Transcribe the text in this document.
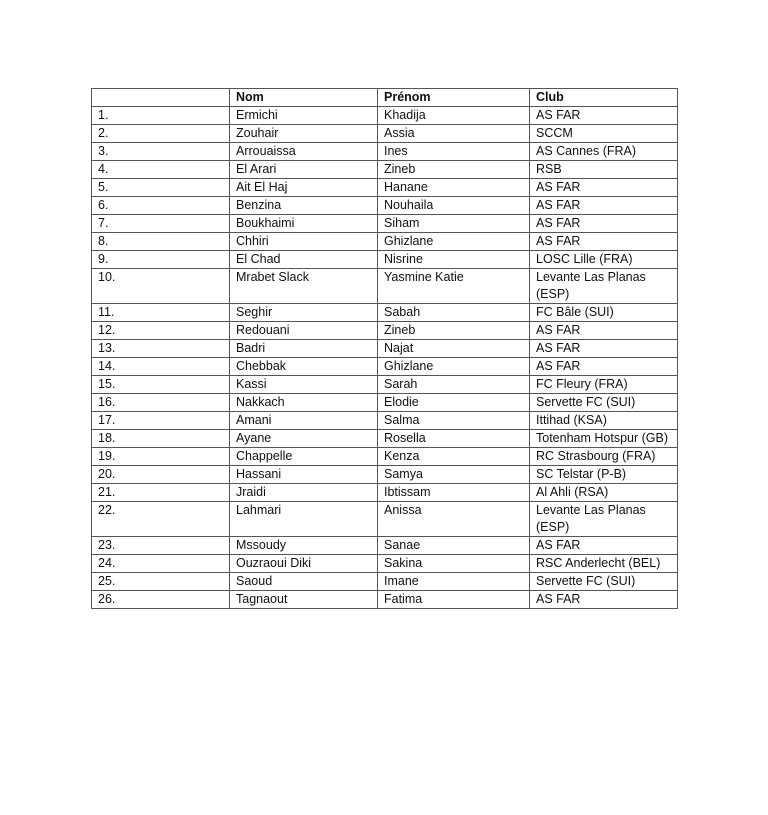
	Nom	Prénom	Club
1.	Ermichi	Khadija	AS FAR
2.	Zouhair	Assia	SCCM
3.	Arrouaissa	Ines	AS Cannes (FRA)
4.	El Arari	Zineb	RSB
5.	Ait El Haj	Hanane	AS FAR
6.	Benzina	Nouhaila	AS FAR
7.	Boukhaimi	Siham	AS FAR
8.	Chhiri	Ghizlane	AS FAR
9.	El Chad	Nisrine	LOSC Lille (FRA)
10.	Mrabet Slack	Yasmine Katie	Levante Las Planas (ESP)
11.	Seghir	Sabah	FC Bâle (SUI)
12.	Redouani	Zineb	AS FAR
13.	Badri	Najat	AS FAR
14.	Chebbak	Ghizlane	AS FAR
15.	Kassi	Sarah	FC Fleury (FRA)
16.	Nakkach	Elodie	Servette FC (SUI)
17.	Amani	Salma	Ittihad (KSA)
18.	Ayane	Rosella	Totenham Hotspur (GB)
19.	Chappelle	Kenza	RC Strasbourg (FRA)
20.	Hassani	Samya	SC Telstar (P-B)
21.	Jraidi	Ibtissam	Al Ahli (RSA)
22.	Lahmari	Anissa	Levante Las Planas (ESP)
23.	Mssoudy	Sanae	AS FAR
24.	Ouzraoui Diki	Sakina	RSC Anderlecht (BEL)
25.	Saoud	Imane	Servette FC (SUI)
26.	Tagnaout	Fatima	AS FAR
